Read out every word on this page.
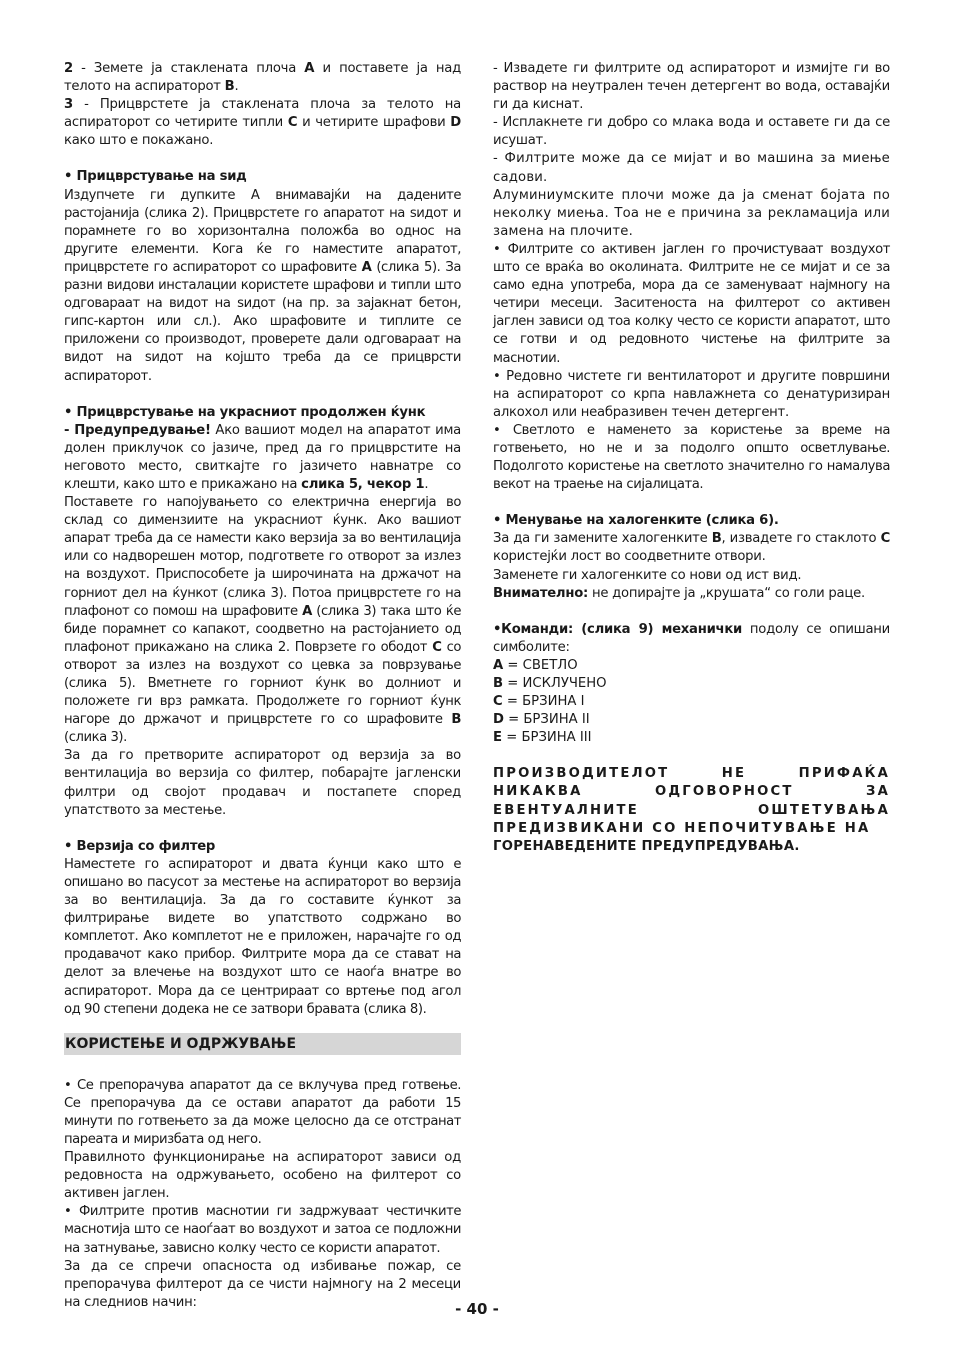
2 - Земете ја стаклената плоча A и поставете ја над телото на аспираторот B.

3 - Прицврстете ја стаклената плоча за телото на аспираторот со четирите типли C и четирите шрафови D како што е покажано.

• Прицврстување на ѕид

Издупчете ги дупките A внимавајќи на дадените растојанија (слика 2). Прицврстете го апаратот на ѕидот и порамнете го во хоризонтална положба во однос на другите елементи. Кога ќе го наместите апаратот, прицврстете го аспираторот со шрафовите A (слика 5). За разни видови инсталации користете шрафови и типли што одговараат на видот на ѕидот (на пр. за зајакнат бетон, гипс-картон или сл.). Ако шрафовите и типлите се приложени со производот, проверете дали одговараат на видот на ѕидот на којшто треба да се прицврсти аспираторот.

• Прицврстување на украсниот продолжен ќунк

- Предупредување! Ако вашиот модел на апаратот има долен приклучок со јазиче, пред да го прицврстите на неговото место, свиткајте го јазичето навнатре со клешти, како што е прикажано на слика 5, чекор 1.

Поставете го напојувањето со електрична енергија во склад со димензиите на украсниот ќунк. Ако вашиот апарат треба да се намести како верзија за во вентилација или со надворешен мотор, подгответе го отворот за излез на воздухот. Приспособете ја широчината на држачот на горниот дел на ќункот (слика 3). Потоа прицврстете го на плафонот со помош на шрафовите A (слика 3) така што ќе биде порамнет со капакот, соодветно на растојанието од плафонот прикажано на слика 2. Поврзете го ободот C со отворот за излез на воздухот со цевка за поврзување (слика 5). Вметнете го горниот ќунк во долниот и положете ги врз рамката. Продолжете го горниот ќунк нагоре до држачот и прицврстете го со шрафовите B (слика 3).

За да го претворите аспираторот од верзија за во вентилација во верзија со филтер, побарајте јагленски филтри од својот продавач и постапете според упатството за местење.

• Верзија со филтер

Наместете го аспираторот и двата ќунци како што е опишано во пасусот за местење на аспираторот во верзија за во вентилација. За да го составите ќункот за филтрирање видете во упатството содржано во комплетот. Ако комплетот не е приложен, нарачајте го од продавачот како прибор. Филтрите мора да се стават на делот за влечење на воздухот што се наоѓа внатре во аспираторот. Мора да се центрираат со вртење под агол од 90 степени додека не се затвори бравата (слика 8).

КОРИСТЕЊЕ И ОДРЖУВАЊЕ

• Се препорачува апаратот да се вклучува пред готвење. Се препорачува да се остави апаратот да работи 15 минути по готвењето за да може целосно да се отстранат пареата и миризбата од него.

Правилното функционирање на аспираторот зависи од редовноста на одржувањето, особено на филтерот со активен јаглен.

• Филтрите против маснотии ги задржуваат честичките маснотија што се наоѓаат во воздухот и затоа се подложни на затнување, зависно колку често се користи апаратот.

За да се спречи опасноста од избивање пожар, се препорачува филтерот да се чисти најмногу на 2 месеци на следниов начин:

- Извадете ги филтрите од аспираторот и измијте ги во раствор на неутрален течен детергент во вода, оставајќи ги да киснат.

- Исплакнете ги добро со млака вода и оставете ги да се исушат.

- Филтрите може да се мијат и во машина за миење садови.

Алуминиумските плочи може да ја сменат бојата по неколку миења. Тоа не е причина за рекламација или замена на плочите.

• Филтрите со активен јаглен го прочистуваат воздухот што се враќа во околината. Филтрите не се мијат и се за само една употреба, мора да се заменуваат најмногу на четири месеци. Заситеноста на филтерот со активен јаглен зависи од тоа колку често се користи апаратот, што се готви и од редовното чистење на филтрите за маснотии.

• Редовно чистете ги вентилаторот и другите површини на аспираторот со крпа навлажнета со денатуризиран алкохол или неабразивен течен детергент.

• Светлото е наменето за користење за време на готвењето, но не и за подолго општо осветлување. Подолгото користење на светлото значително го намалува векот на траење на сијалицата.

• Менување на халогенките (слика 6).

За да ги замените халогенките B, извадете го стаклото C користејќи лост во соодветните отвори.

Заменете ги халогенките со нови од ист вид.

Внимателно: не допирајте ја „крушата“ со голи раце.

•Команди: (слика 9) механички подолу се опишани симболите:

A = СВЕТЛО

B = ИСКЛУЧЕНО

C = БРЗИНА I

D = БРЗИНА II

E = БРЗИНА III

ПРОИЗВОДИТЕЛОТ НЕ ПРИФАЌА НИКАКВА ОДГОВОРНОСТ ЗА ЕВЕНТУАЛНИТЕ ОШТЕТУВАЊА ПРЕДИЗВИКАНИ СО НЕПОЧИТУВАЊЕ НА
ГОРЕНАВЕДЕНИТЕ ПРЕДУПРЕДУВАЊА.

- 40 -
